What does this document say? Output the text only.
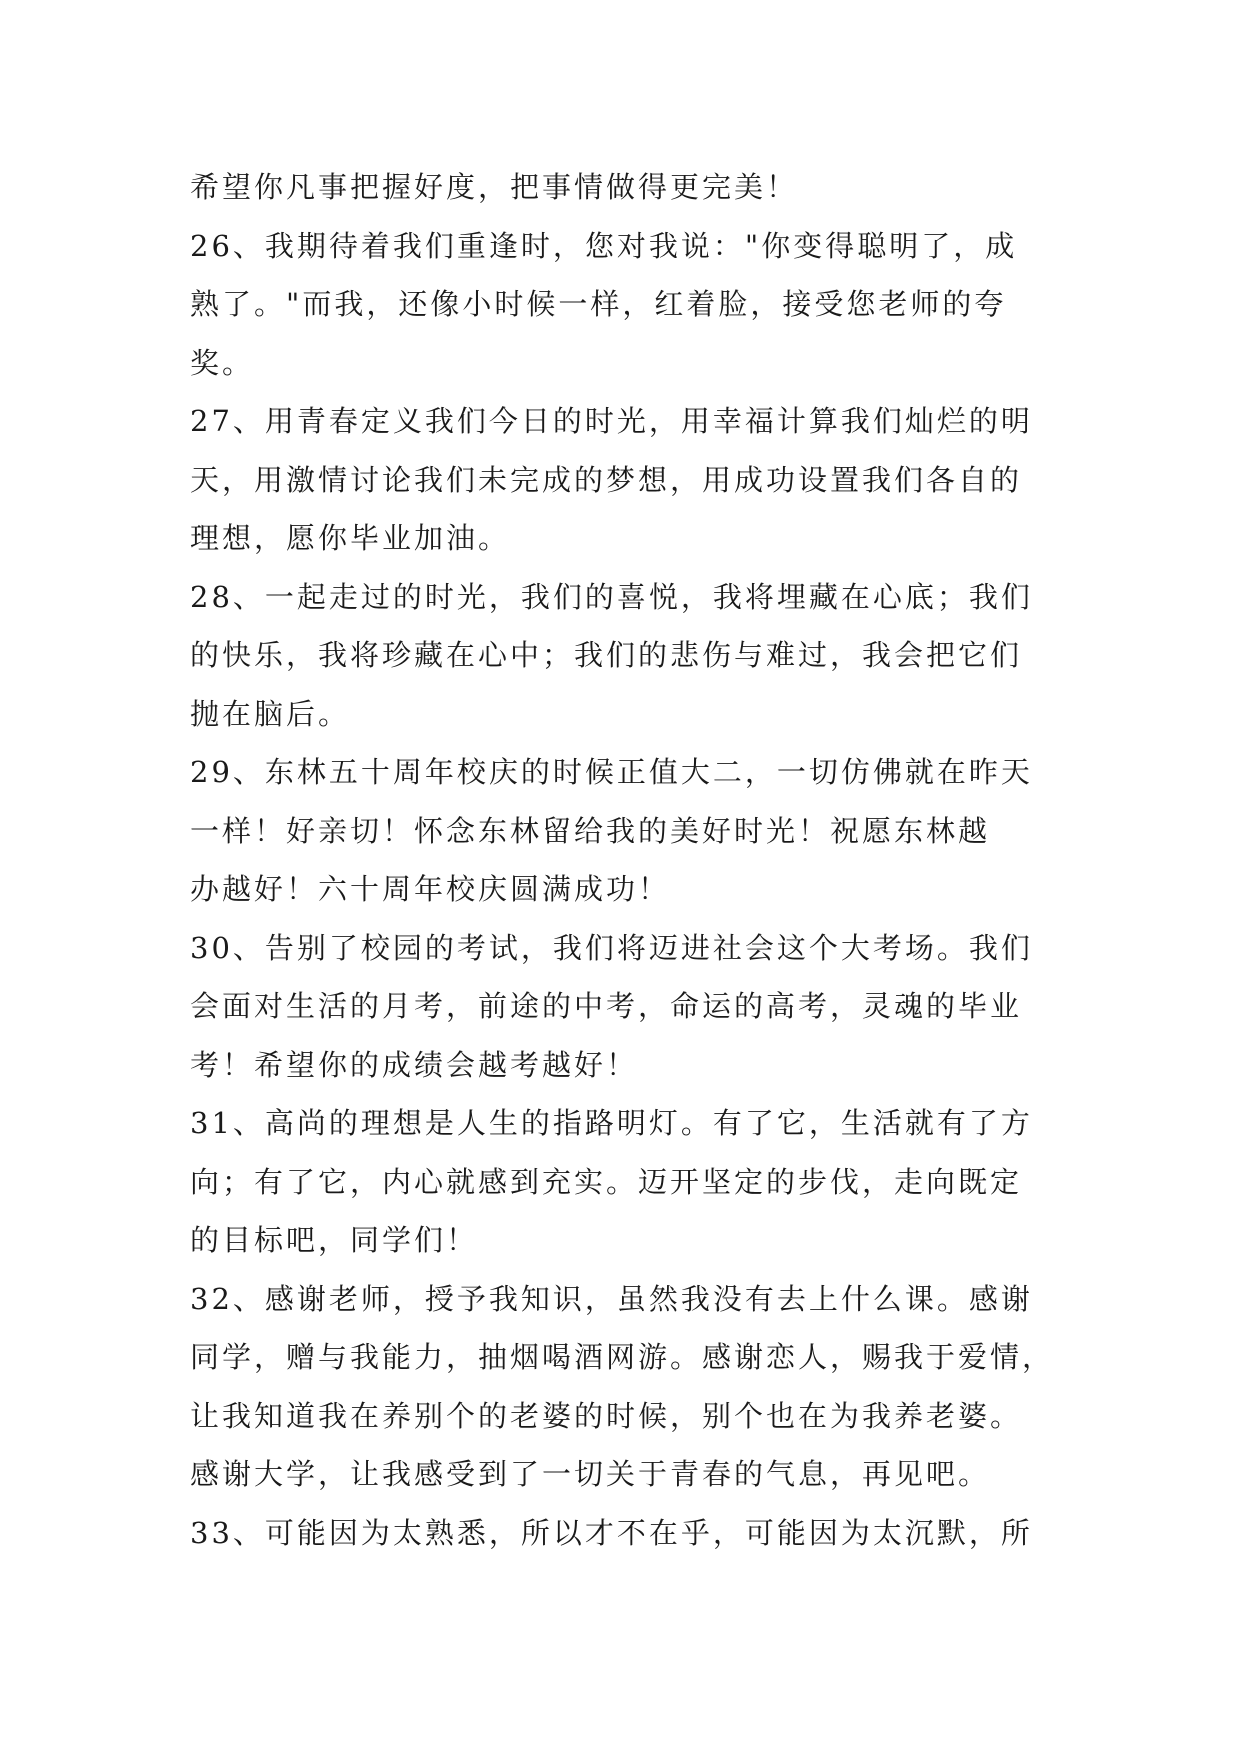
希望你凡事把握好度，把事情做得更完美！
26、我期待着我们重逢时，您对我说："你变得聪明了，成
熟了。"而我，还像小时候一样，红着脸，接受您老师的夸
奖。
27、用青春定义我们今日的时光，用幸福计算我们灿烂的明
天，用激情讨论我们未完成的梦想，用成功设置我们各自的
理想，愿你毕业加油。
28、一起走过的时光，我们的喜悦，我将埋藏在心底；我们
的快乐，我将珍藏在心中；我们的悲伤与难过，我会把它们
抛在脑后。
29、东林五十周年校庆的时候正值大二，一切仿佛就在昨天
一样！好亲切！怀念东林留给我的美好时光！祝愿东林越
办越好！六十周年校庆圆满成功！
30、告别了校园的考试，我们将迈进社会这个大考场。我们
会面对生活的月考，前途的中考，命运的高考，灵魂的毕业
考！希望你的成绩会越考越好！
31、高尚的理想是人生的指路明灯。有了它，生活就有了方
向；有了它，内心就感到充实。迈开坚定的步伐，走向既定
的目标吧，同学们！
32、感谢老师，授予我知识，虽然我没有去上什么课。感谢
同学，赠与我能力，抽烟喝酒网游。感谢恋人，赐我于爱情，
让我知道我在养别个的老婆的时候，别个也在为我养老婆。
感谢大学，让我感受到了一切关于青春的气息，再见吧。
33、可能因为太熟悉，所以才不在乎，可能因为太沉默，所
